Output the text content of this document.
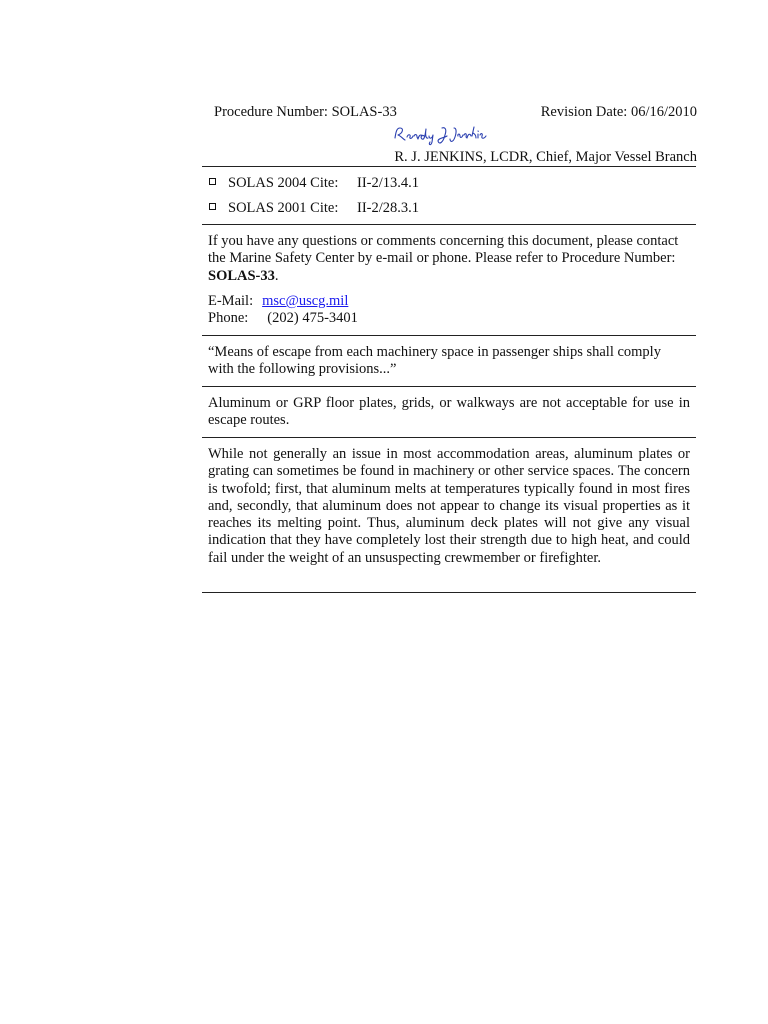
Procedure Number: SOLAS-33	Revision Date: 06/16/2010
R. J. JENKINS, LCDR, Chief, Major Vessel Branch
SOLAS 2004 Cite: II-2/13.4.1
SOLAS 2001 Cite: II-2/28.3.1
If you have any questions or comments concerning this document, please contact the Marine Safety Center by e-mail or phone. Please refer to Procedure Number: SOLAS-33.
E-Mail: msc@uscg.mil
Phone: (202) 475-3401
“Means of escape from each machinery space in passenger ships shall comply with the following provisions...”
Aluminum or GRP floor plates, grids, or walkways are not acceptable for use in escape routes.
While not generally an issue in most accommodation areas, aluminum plates or grating can sometimes be found in machinery or other service spaces. The concern is twofold; first, that aluminum melts at temperatures typically found in most fires and, secondly, that aluminum does not appear to change its visual properties as it reaches its melting point. Thus, aluminum deck plates will not give any visual indication that they have completely lost their strength due to high heat, and could fail under the weight of an unsuspecting crewmember or firefighter.
